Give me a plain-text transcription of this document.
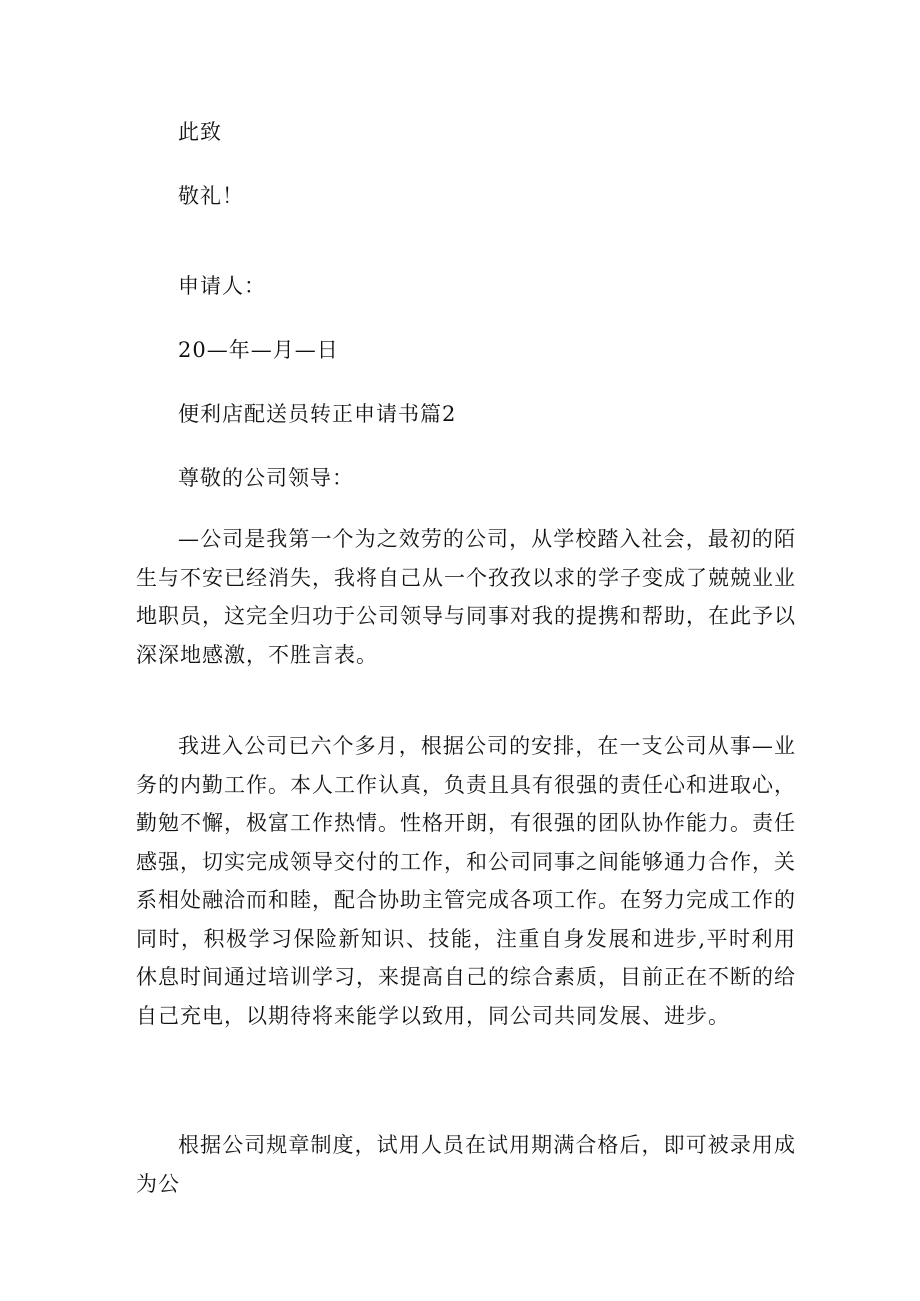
此致
敬礼！
申请人：
20—年—月—日
便利店配送员转正申请书篇2
尊敬的公司领导：
—公司是我第一个为之效劳的公司，从学校踏入社会，最初的陌生与不安已经消失，我将自己从一个孜孜以求的学子变成了兢兢业业地职员，这完全归功于公司领导与同事对我的提携和帮助，在此予以深深地感激，不胜言表。
我进入公司已六个多月，根据公司的安排，在一支公司从事—业务的内勤工作。本人工作认真，负责且具有很强的责任心和进取心，勤勉不懈，极富工作热情。性格开朗，有很强的团队协作能力。责任感强，切实完成领导交付的工作，和公司同事之间能够通力合作，关系相处融洽而和睦，配合协助主管完成各项工作。在努力完成工作的同时，积极学习保险新知识、技能，注重自身发展和进步,平时利用休息时间通过培训学习，来提高自己的综合素质，目前正在不断的给自己充电，以期待将来能学以致用，同公司共同发展、进步。
根据公司规章制度，试用人员在试用期满合格后，即可被录用成为公
